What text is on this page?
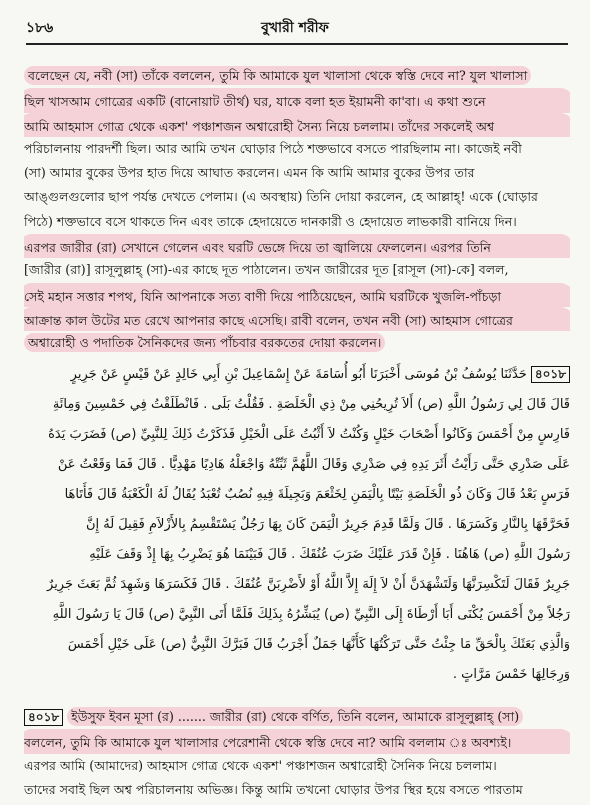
১৮৬	বুখারী শরীফ
বলেছেন যে, নবী (সা) তাঁকে বললেন, তুমি কি আমাকে যুল খালাসা থেকে স্বস্তি দেবে না? যুল খালাসা
ছিল খাসআম গোত্রের একটি (বানোয়াট তীর্থ) ঘর, যাকে বলা হত ইয়ামনী কা'বা। এ কথা শুনে
আমি আহমাস গোত্র থেকে একশ' পঞ্চাশজন অশ্বারোহী সৈন্য নিয়ে চললাম। তাঁদের সকলেই অশ্ব
পরিচালনায় পারদর্শী ছিল। আর আমি তখন ঘোড়ার পিঠে শক্তভাবে বসতে পারছিলাম না। কাজেই নবী
(সা) আমার বুকের উপর হাত দিয়ে আঘাত করলেন। এমন কি আমি আমার বুকের উপর তার
আঙ্গুলগুলোর ছাপ পর্যন্ত দেখতে পেলাম। (এ অবস্থায়) তিনি দোয়া করলেন, হে আল্লাহ্! একে (ঘোড়ার
পিঠে) শক্তভাবে বসে থাকতে দিন এবং তাকে হেদায়েতে দানকারী ও হেদায়েত লাভকারী বানিয়ে দিন।
এরপর জারীর (রা) সেখানে গেলেন এবং ঘরটি ভেঙ্গে দিয়ে তা জ্বালিয়ে ফেললেন। এরপর তিনি
[জারীর (রা)] রাসূলুল্লাহ্ (সা)-এর কাছে দূত পাঠালেন। তখন জারীরের দূত [রাসূল (সা)-কে] বলল,
সেই মহান সত্তার শপথ, যিনি আপনাকে সত্য বাণী দিয়ে পাঠিয়েছেন, আমি ঘরটিকে খুজলি-পাঁচড়া
আক্রান্ত কাল উটের মত রেখে আপনার কাছে এসেছি। রাবী বলেন, তখন নবী (সা) আহমাস গোত্রের
অশ্বারোহী ও পদাতিক সৈনিকদের জন্য পাঁচবার বরকতের দোয়া করলেন।
৪০১৮حَدَّثَنَا يُوسُفُ بْنُ مُوسَى أَخْبَرَنَا أَبُو أُسَامَةَ عَنْ إِسْمَاعِيلَ بْنِ أَبِي خَالِدٍ عَنْ قَيْسٍ عَنْ جَرِيرٍ
قَالَ قَالَ لِي رَسُولُ اللَّهِ (ص) أَلاَ تُرِيحُنِي مِنْ ذِي الْخَلَصَةِ . فَقُلْتُ بَلَى . فَانْطَلَقْتُ فِي خَمْسِينَ وَمِائَةِ
فَارِسٍ مِنْ أَحْمَسَ وَكَانُوا أَصْحَابَ خَيْلٍ وَكُنْتُ لاَ أَثْبُتُ عَلَى الْخَيْلِ فَذَكَرْتُ ذَلِكَ لِلنَّبِيِّ (ص) فَضَرَبَ يَدَهُ
عَلَى صَدْرِي حَتَّى رَأَيْتُ أَثَرَ يَدِهِ فِي صَدْرِي وَقَالَ اللَّهُمَّ ثَبِّتْهُ وَاجْعَلْهُ هَادِيًا مَهْدِيًّا . قَالَ فَمَا وَقَعْتُ عَنْ
فَرَسٍ بَعْدُ قَالَ وَكَانَ ذُو الْخَلَصَةِ بَيْتًا بِالْيَمَنِ لِخَثْعَمَ وَبَجِيلَةَ فِيهِ نُصُبٌ تُعْبَدُ يُقَالُ لَهُ الْكَعْبَةُ قَالَ فَأَتَاهَا
فَحَرَّقَهَا بِالنَّارِ وَكَسَرَهَا . قَالَ وَلَمَّا قَدِمَ جَرِيرٌ الْيَمَنَ كَانَ بِهَا رَجُلٌ يَسْتَقْسِمُ بِالأَزْلاَمِ فَقِيلَ لَهُ إِنَّ
رَسُولَ اللَّهِ (ص) هَاهُنَا . فَإِنْ قَدَرَ عَلَيْكَ ضَرَبَ عُنُقَكَ . قَالَ فَبَيْنَمَا هُوَ يَضْرِبُ بِهَا إِذْ وَقَفَ عَلَيْهِ
جَرِيرٌ فَقَالَ لَتَكْسِرَنَّهَا وَلَتَشْهَدَنَّ أَنْ لاَ إِلَهَ إِلاَّ اللَّهُ أَوْ لأَضْرِبَنَّ عُنُقَكَ . قَالَ فَكَسَرَهَا وَشَهِدَ ثُمَّ بَعَثَ جَرِيرٌ
رَجُلاً مِنْ أَحْمَسَ يُكْنَى أَبَا أَرْطَاةَ إِلَى النَّبِيِّ (ص) يُبَشِّرُهُ بِذَلِكَ فَلَمَّا أَتَى النَّبِيَّ (ص) قَالَ يَا رَسُولَ اللَّهِ
وَالَّذِي بَعَثَكَ بِالْحَقِّ مَا جِئْتُ حَتَّى تَرَكْتُهَا كَأَنَّهَا جَمَلٌ أَجْرَبُ قَالَ فَبَرَّكَ النَّبِيُّ (ص) عَلَى خَيْلِ أَحْمَسَ
وَرِجَالِهَا خَمْسَ مَرَّاتٍ .
৪০১৮ ইউসুফ ইবন মূসা (র) ....... জারীর (রা) থেকে বর্ণিত, তিনি বলেন, আমাকে রাসূলুল্লাহ্ (সা)
বললেন, তুমি কি আমাকে যুল খালাসার পেরেশানী থেকে স্বস্তি দেবে না? আমি বললাম ঃ অবশ্যই।
এরপর আমি (আমাদের) আহমাস গোত্র থেকে একশ' পঞ্চাশজন অশ্বারোহী সৈনিক নিয়ে চললাম।
তাদের সবাই ছিল অশ্ব পরিচালনায় অভিজ্ঞ। কিন্তু আমি তখনো ঘোড়ার উপর স্থির হয়ে বসতে পারতাম
